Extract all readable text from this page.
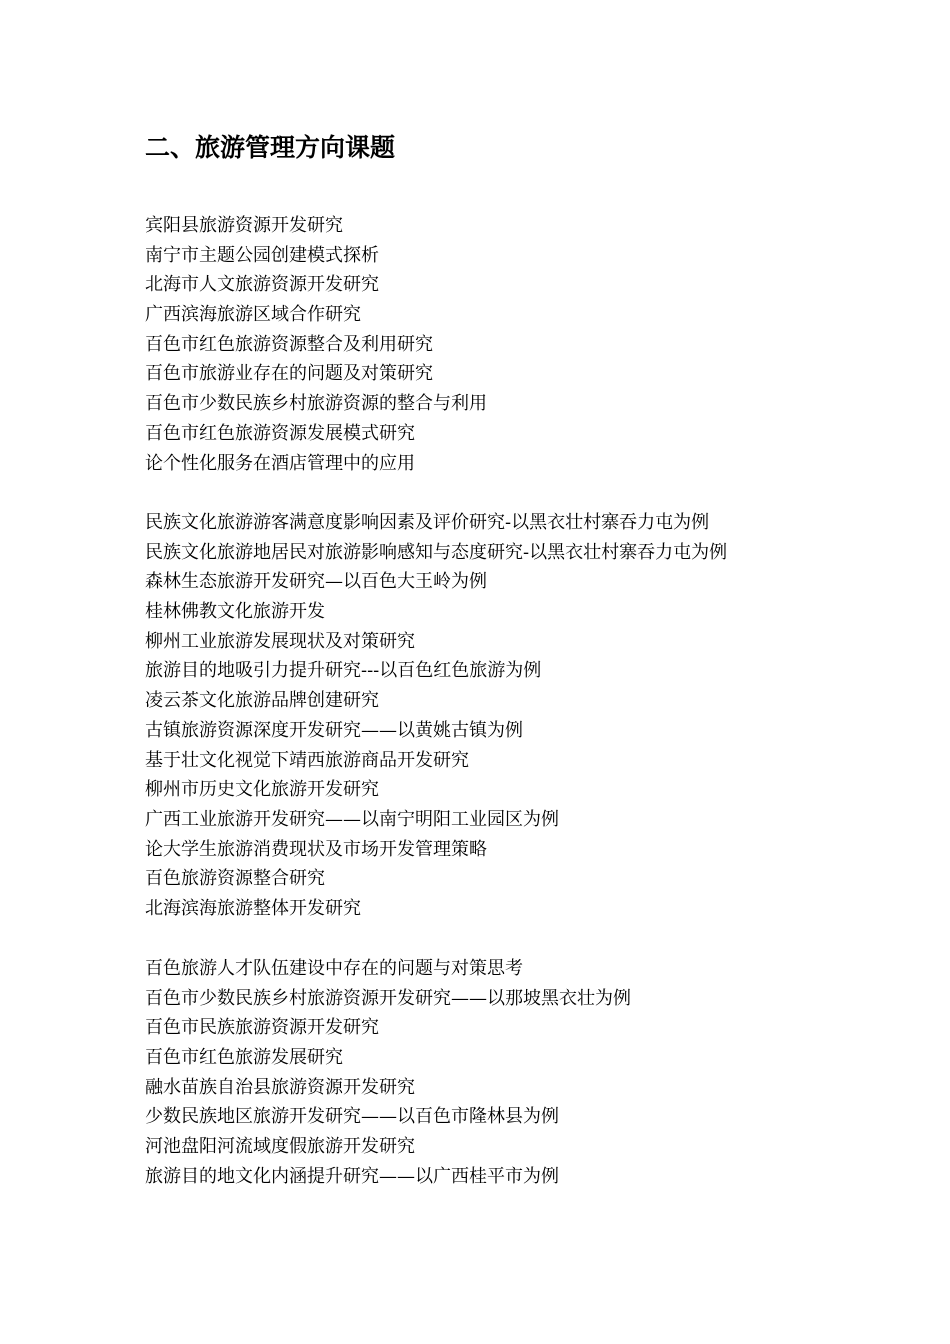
二、旅游管理方向课题
宾阳县旅游资源开发研究
南宁市主题公园创建模式探析
北海市人文旅游资源开发研究
广西滨海旅游区域合作研究
百色市红色旅游资源整合及利用研究
百色市旅游业存在的问题及对策研究
百色市少数民族乡村旅游资源的整合与利用
百色市红色旅游资源发展模式研究
论个性化服务在酒店管理中的应用
民族文化旅游游客满意度影响因素及评价研究-以黑衣壮村寨吞力屯为例
民族文化旅游地居民对旅游影响感知与态度研究-以黑衣壮村寨吞力屯为例
森林生态旅游开发研究—以百色大王岭为例
桂林佛教文化旅游开发
柳州工业旅游发展现状及对策研究
旅游目的地吸引力提升研究---以百色红色旅游为例
凌云茶文化旅游品牌创建研究
古镇旅游资源深度开发研究——以黄姚古镇为例
基于壮文化视觉下靖西旅游商品开发研究
柳州市历史文化旅游开发研究
广西工业旅游开发研究——以南宁明阳工业园区为例
论大学生旅游消费现状及市场开发管理策略
百色旅游资源整合研究
北海滨海旅游整体开发研究
百色旅游人才队伍建设中存在的问题与对策思考
百色市少数民族乡村旅游资源开发研究——以那坡黑衣壮为例
百色市民族旅游资源开发研究
百色市红色旅游发展研究
融水苗族自治县旅游资源开发研究
少数民族地区旅游开发研究——以百色市隆林县为例
河池盘阳河流域度假旅游开发研究
旅游目的地文化内涵提升研究——以广西桂平市为例
